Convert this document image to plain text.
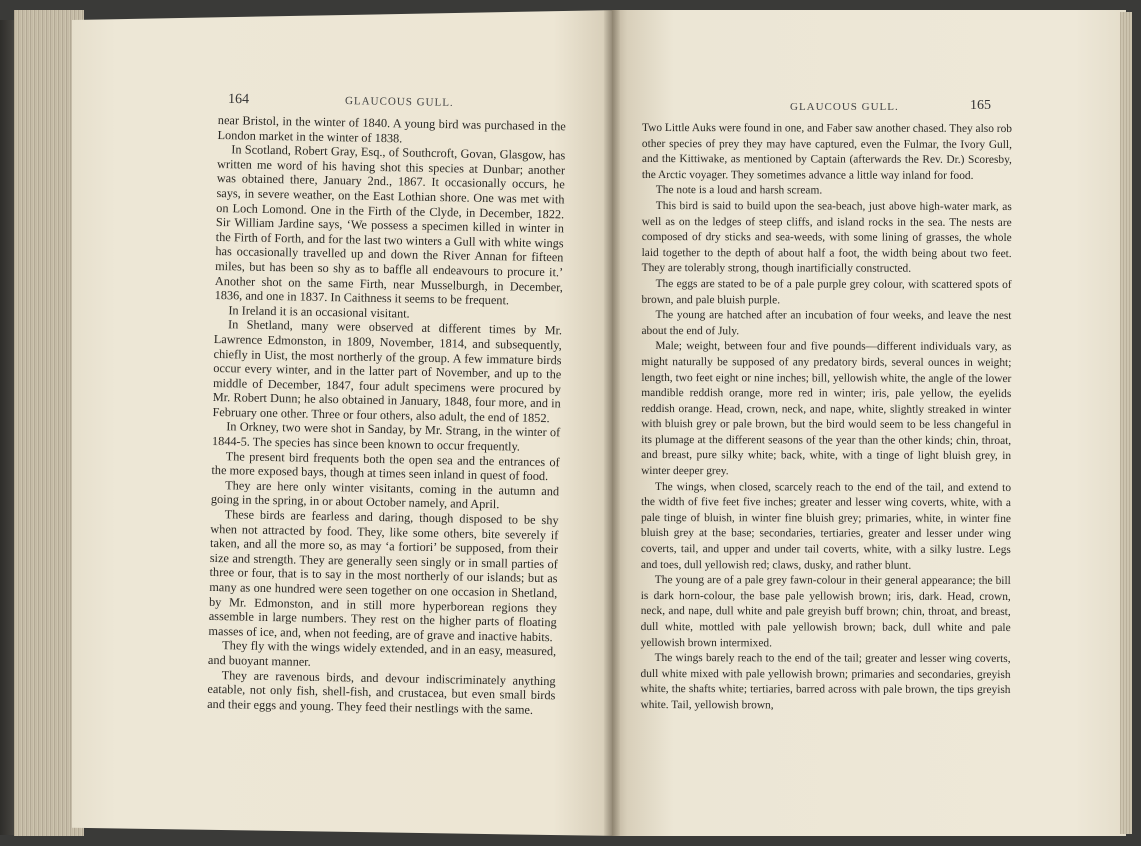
164	GLAUCOUS GULL.	GLAUCOUS GULL.	165

near Bristol, in the winter of 1840. A young bird was purchased in the London market in the winter of 1838.

In Scotland, Robert Gray, Esq., of Southcroft, Govan, Glasgow, has written me word of his having shot this species at Dunbar; another was obtained there, January 2nd., 1867. It occasionally occurs, he says, in severe weather, on the East Lothian shore. One was met with on Loch Lomond. One in the Firth of the Clyde, in December, 1822. Sir William Jardine says, ‘We possess a specimen killed in winter in the Firth of Forth, and for the last two winters a Gull with white wings has occasionally travelled up and down the River Annan for fifteen miles, but has been so shy as to baffle all endeavours to procure it.’ Another shot on the same Firth, near Musselburgh, in December, 1836, and one in 1837. In Caithness it seems to be frequent.

In Ireland it is an occasional visitant.

In Shetland, many were observed at different times by Mr. Lawrence Edmonston, in 1809, November, 1814, and subsequently, chiefly in Uist, the most northerly of the group. A few immature birds occur every winter, and in the latter part of November, and up to the middle of December, 1847, four adult specimens were procured by Mr. Robert Dunn; he also obtained in January, 1848, four more, and in February one other. Three or four others, also adult, the end of 1852.

In Orkney, two were shot in Sanday, by Mr. Strang, in the winter of 1844-5. The species has since been known to occur frequently.

The present bird frequents both the open sea and the entrances of the more exposed bays, though at times seen inland in quest of food.

They are here only winter visitants, coming in the autumn and going in the spring, in or about October namely, and April.

These birds are fearless and daring, though disposed to be shy when not attracted by food. They, like some others, bite severely if taken, and all the more so, as may ‘a fortiori’ be supposed, from their size and strength. They are generally seen singly or in small parties of three or four, that is to say in the most northerly of our islands; but as many as one hundred were seen together on one occasion in Shetland, by Mr. Edmonston, and in still more hyperborean regions they assemble in large numbers. They rest on the higher parts of floating masses of ice, and, when not feeding, are of grave and inactive habits.

They fly with the wings widely extended, and in an easy, measured, and buoyant manner.

They are ravenous birds, and devour indiscriminately anything eatable, not only fish, shell-fish, and crustacea, but even small birds and their eggs and young. They feed their nestlings with the same.

Two Little Auks were found in one, and Faber saw another chased. They also rob other species of prey they may have captured, even the Fulmar, the Ivory Gull, and the Kittiwake, as mentioned by Captain (afterwards the Rev. Dr.) Scoresby, the Arctic voyager. They sometimes advance a little way inland for food.

The note is a loud and harsh scream.

This bird is said to build upon the sea-beach, just above high-water mark, as well as on the ledges of steep cliffs, and island rocks in the sea. The nests are composed of dry sticks and sea-weeds, with some lining of grasses, the whole laid together to the depth of about half a foot, the width being about two feet. They are tolerably strong, though inartificially constructed.

The eggs are stated to be of a pale purple grey colour, with scattered spots of brown, and pale bluish purple.

The young are hatched after an incubation of four weeks, and leave the nest about the end of July.

Male; weight, between four and five pounds—different individuals vary, as might naturally be supposed of any predatory birds, several ounces in weight; length, two feet eight or nine inches; bill, yellowish white, the angle of the lower mandible reddish orange, more red in winter; iris, pale yellow, the eyelids reddish orange. Head, crown, neck, and nape, white, slightly streaked in winter with bluish grey or pale brown, but the bird would seem to be less changeful in its plumage at the different seasons of the year than the other kinds; chin, throat, and breast, pure silky white; back, white, with a tinge of light bluish grey, in winter deeper grey.

The wings, when closed, scarcely reach to the end of the tail, and extend to the width of five feet five inches; greater and lesser wing coverts, white, with a pale tinge of bluish, in winter fine bluish grey; primaries, white, in winter fine bluish grey at the base; secondaries, tertiaries, greater and lesser under wing coverts, tail, and upper and under tail coverts, white, with a silky lustre. Legs and toes, dull yellowish red; claws, dusky, and rather blunt.

The young are of a pale grey fawn-colour in their general appearance; the bill is dark horn-colour, the base pale yellowish brown; iris, dark. Head, crown, neck, and nape, dull white and pale greyish buff brown; chin, throat, and breast, dull white, mottled with pale yellowish brown; back, dull white and pale yellowish brown intermixed.

The wings barely reach to the end of the tail; greater and lesser wing coverts, dull white mixed with pale yellowish brown; primaries and secondaries, greyish white, the shafts white; tertiaries, barred across with pale brown, the tips greyish white. Tail, yellowish brown,
